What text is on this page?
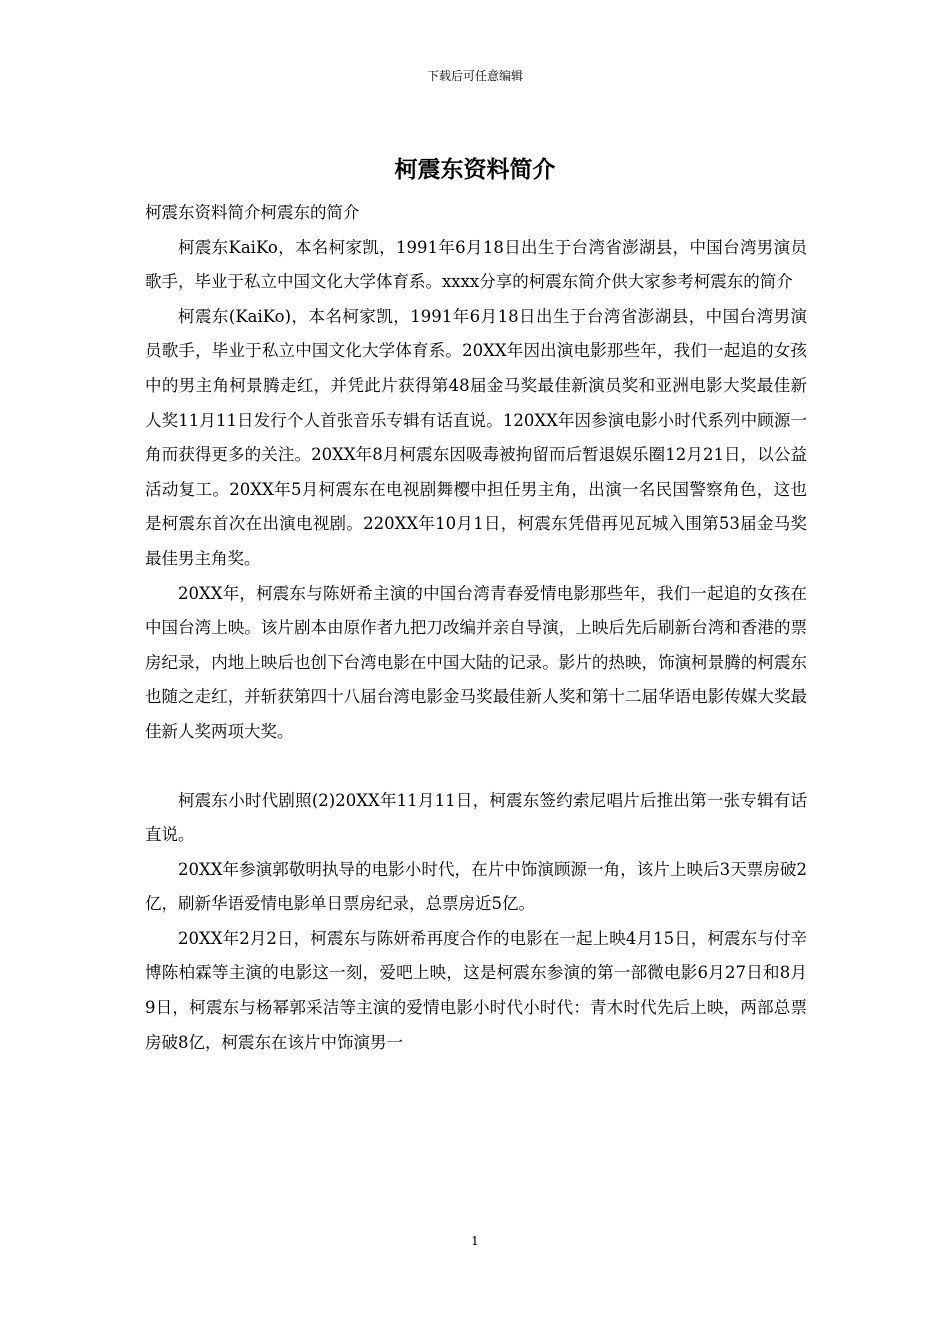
下载后可任意编辑
柯震东资料简介

柯震东资料简介柯震东的简介

柯震东KaiKo，本名柯家凯，1991年6月18日出生于台湾省澎湖县，中国台湾男演员歌手，毕业于私立中国文化大学体育系。xxxx分享的柯震东简介供大家参考柯震东的简介

柯震东(KaiKo)，本名柯家凯，1991年6月18日出生于台湾省澎湖县，中国台湾男演员歌手，毕业于私立中国文化大学体育系。20XX年因出演电影那些年，我们一起追的女孩中的男主角柯景腾走红，并凭此片获得第48届金马奖最佳新演员奖和亚洲电影大奖最佳新人奖11月11日发行个人首张音乐专辑有话直说。120XX年因参演电影小时代系列中顾源一角而获得更多的关注。20XX年8月柯震东因吸毒被拘留而后暂退娱乐圈12月21日，以公益活动复工。20XX年5月柯震东在电视剧舞樱中担任男主角，出演一名民国警察角色，这也是柯震东首次在出演电视剧。220XX年10月1日，柯震东凭借再见瓦城入围第53届金马奖最佳男主角奖。

20XX年，柯震东与陈妍希主演的中国台湾青春爱情电影那些年，我们一起追的女孩在中国台湾上映。该片剧本由原作者九把刀改编并亲自导演，上映后先后刷新台湾和香港的票房纪录，内地上映后也创下台湾电影在中国大陆的记录。影片的热映，饰演柯景腾的柯震东也随之走红，并斩获第四十八届台湾电影金马奖最佳新人奖和第十二届华语电影传媒大奖最佳新人奖两项大奖。

柯震东小时代剧照(2)20XX年11月11日，柯震东签约索尼唱片后推出第一张专辑有话直说。

20XX年参演郭敬明执导的电影小时代，在片中饰演顾源一角，该片上映后3天票房破2亿，刷新华语爱情电影单日票房纪录，总票房近5亿。

20XX年2月2日，柯震东与陈妍希再度合作的电影在一起上映4月15日，柯震东与付辛博陈柏霖等主演的电影这一刻，爱吧上映，这是柯震东参演的第一部微电影6月27日和8月9日，柯震东与杨幂郭采洁等主演的爱情电影小时代小时代：青木时代先后上映，两部总票房破8亿，柯震东在该片中饰演男一

1
